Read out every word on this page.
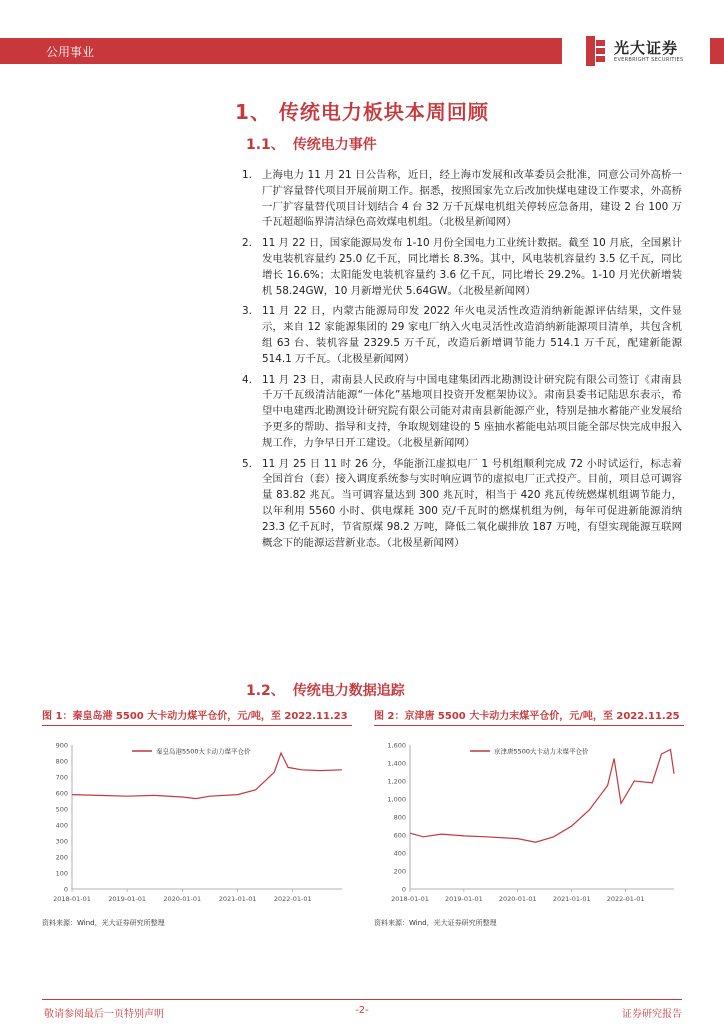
公用事业	光大证券
EVERBRIGHT SECURITIES
1、 传统电力板块本周回顾
1.1、 传统电力事件
1. 上海电力 11 月 21 日公告称，近日，经上海市发展和改革委员会批准，同意公司外高桥一厂扩容量替代项目开展前期工作。据悉，按照国家先立后改加快煤电建设工作要求，外高桥一厂扩容量替代项目计划结合 4 台 32 万千瓦煤电机组关停转应急备用，建设 2 台 100 万千瓦超超临界清洁绿色高效煤电机组。（北极星新闻网）
2. 11 月 22 日，国家能源局发布 1-10 月份全国电力工业统计数据。截至 10 月底，全国累计发电装机容量约 25.0 亿千瓦，同比增长 8.3%。其中，风电装机容量约 3.5 亿千瓦，同比增长 16.6%；太阳能发电装机容量约 3.6 亿千瓦，同比增长 29.2%。1-10 月光伏新增装机 58.24GW，10 月新增光伏 5.64GW。（北极星新闻网）
3. 11 月 22 日，内蒙古能源局印发 2022 年火电灵活性改造消纳新能源评估结果，文件显示，来自 12 家能源集团的 29 家电厂纳入火电灵活性改造消纳新能源项目清单，共包含机组 63 台、装机容量 2329.5 万千瓦，改造后新增调节能力 514.1 万千瓦，配建新能源 514.1 万千瓦。（北极星新闻网）
4. 11 月 23 日，肃南县人民政府与中国电建集团西北勘测设计研究院有限公司签订《肃南县千万千瓦级清洁能源“一体化”基地项目投资开发框架协议》。肃南县委书记陆思东表示，希望中电建西北勘测设计研究院有限公司能对肃南县新能源产业，特别是抽水蓄能产业发展给予更多的帮助、指导和支持，争取规划建设的 5 座抽水蓄能电站项目能全部尽快完成申报入规工作，力争早日开工建设。（北极星新闻网）
5. 11 月 25 日 11 时 26 分，华能浙江虚拟电厂 1 号机组顺利完成 72 小时试运行，标志着全国首台（套）接入调度系统参与实时响应调节的虚拟电厂正式投产。目前，项目总可调容量 83.82 兆瓦。当可调容量达到 300 兆瓦时，相当于 420 兆瓦传统燃煤机组调节能力，以年利用 5560 小时、供电煤耗 300 克/千瓦时的燃煤机组为例，每年可促进新能源消纳 23.3 亿千瓦时，节省原煤 98.2 万吨，降低二氧化碳排放 187 万吨，有望实现能源互联网概念下的能源运营新业态。（北极星新闻网）
1.2、 传统电力数据追踪
图 1：秦皇岛港 5500 大卡动力煤平仓价，元/吨，至 2022.11.23
900
800
700
600
500
400
300
200
100
0
2018-01-01	2019-01-01	2020-01-01	2021-01-01	2022-01-01
秦皇岛港5500大卡动力煤平仓价
资料来源：Wind，光大证券研究所整理
图 2：京津唐 5500 大卡动力末煤平仓价，元/吨，至 2022.11.25
1,600
1,400
1,200
1,000
800
600
400
200
0
2018-01-01 2019-01-01 2020-01-01 2021-01-01 2022-01-01
京津唐5500大卡动力末煤平仓价
资料来源：Wind，光大证券研究所整理
敬请参阅最后一页特别声明	-2-	证券研究报告
